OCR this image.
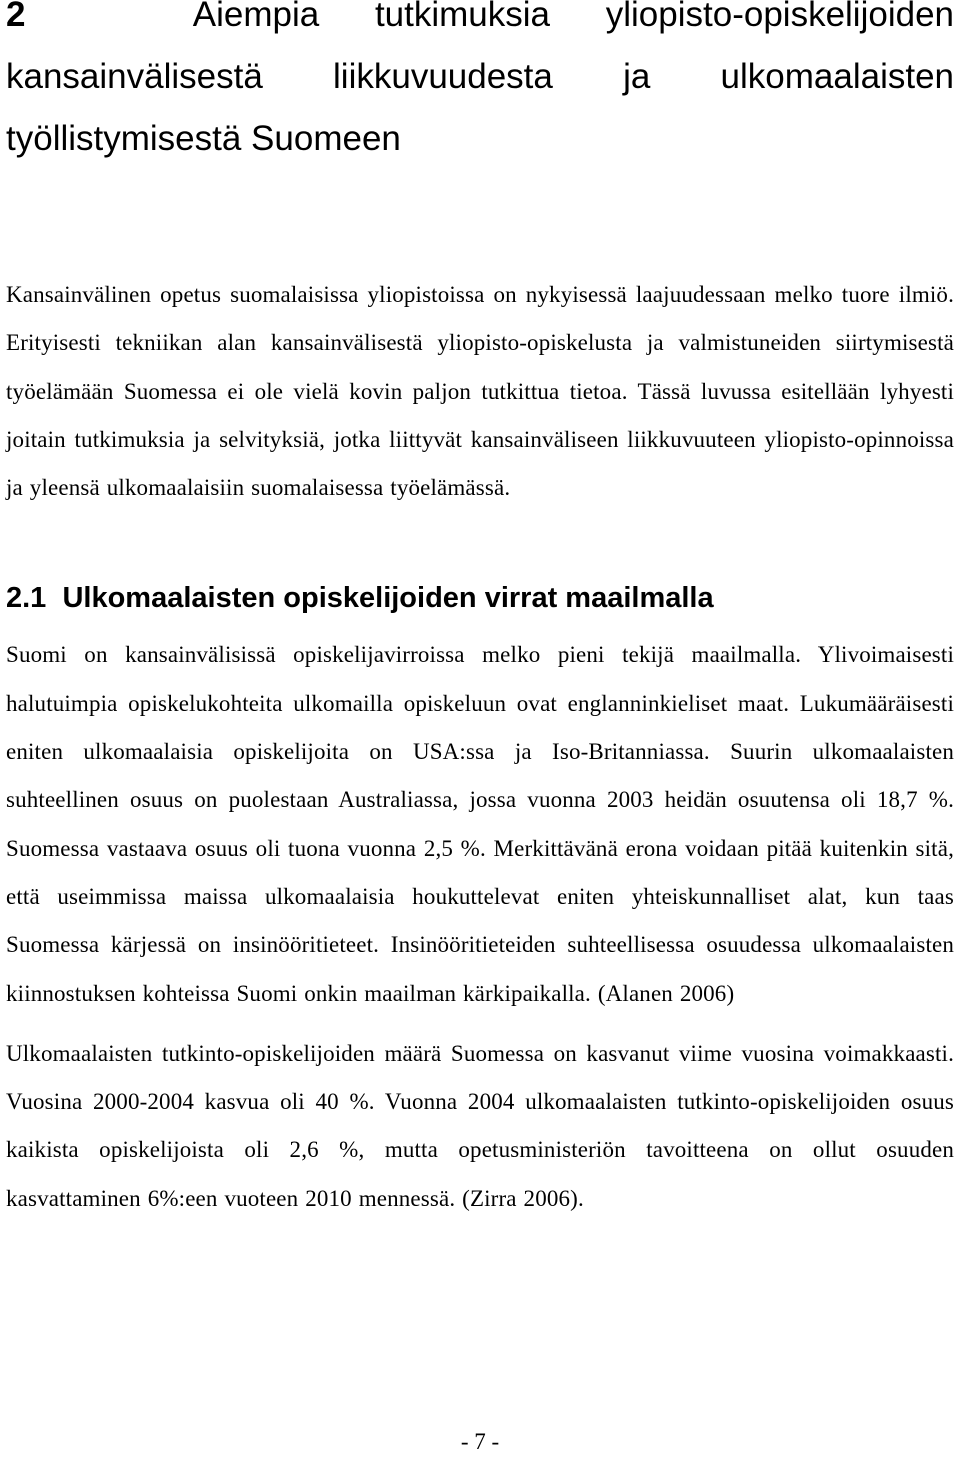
2	Aiempia tutkimuksia yliopisto-opiskelijoiden kansainvälisestä liikkuvuudesta ja ulkomaalaisten työllistymisestä Suomeen

Kansainvälinen opetus suomalaisissa yliopistoissa on nykyisessä laajuudessaan melko tuore ilmiö. Erityisesti tekniikan alan kansainvälisestä yliopisto-opiskelusta ja valmistuneiden siirtymisestä työelämään Suomessa ei ole vielä kovin paljon tutkittua tietoa. Tässä luvussa esitellään lyhyesti joitain tutkimuksia ja selvityksiä, jotka liittyvät kansainväliseen liikkuvuuteen yliopisto-opinnoissa ja yleensä ulkomaalaisiin suomalaisessa työelämässä.

2.1 Ulkomaalaisten opiskelijoiden virrat maailmalla

Suomi on kansainvälisissä opiskelijavirroissa melko pieni tekijä maailmalla. Ylivoimaisesti halutuimpia opiskelukohteita ulkomailla opiskeluun ovat englanninkieliset maat. Lukumääräisesti eniten ulkomaalaisia opiskelijoita on USA:ssa ja Iso-Britanniassa. Suurin ulkomaalaisten suhteellinen osuus on puolestaan Australiassa, jossa vuonna 2003 heidän osuutensa oli 18,7 %. Suomessa vastaava osuus oli tuona vuonna 2,5 %. Merkittävänä erona voidaan pitää kuitenkin sitä, että useimmissa maissa ulkomaalaisia houkuttelevat eniten yhteiskunnalliset alat, kun taas Suomessa kärjessä on insinööritieteet. Insinööritieteiden suhteellisessa osuudessa ulkomaalaisten kiinnostuksen kohteissa Suomi onkin maailman kärkipaikalla. (Alanen 2006)

Ulkomaalaisten tutkinto-opiskelijoiden määrä Suomessa on kasvanut viime vuosina voimakkaasti. Vuosina 2000-2004 kasvua oli 40 %. Vuonna 2004 ulkomaalaisten tutkinto-opiskelijoiden osuus kaikista opiskelijoista oli 2,6 %, mutta opetusministeriön tavoitteena on ollut osuuden kasvattaminen 6%:een vuoteen 2010 mennessä. (Zirra 2006).

- 7 -
